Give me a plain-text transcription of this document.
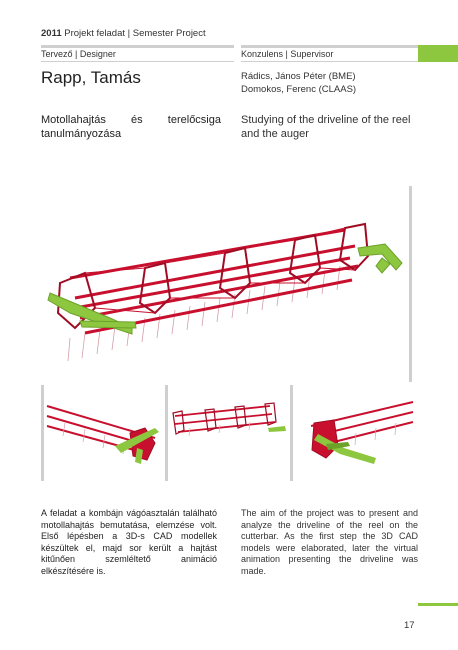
2011 Projekt feladat | Semester Project
Tervező | Designer	Konzulens | Supervisor
Rapp, Tamás	Rádics, János Péter (BME)
Domokos, Ferenc (CLAAS)
Motollahajtás és terelőcsiga
tanulmányozása
Studying of the driveline of the reel and the auger
A feladat a kombájn vágóasztalán található motollahajtás bemutatása, elemzése volt. Első lépésben a 3D-s CAD modellek készültek el, majd sor került a hajtást kitűnően szemléltető animáció elkészítésére is.
The aim of the project was to present and analyze the driveline of the reel on the cutterbar. As the first step the 3D CAD models were elaborated, later the virtual animation presenting the driveline was made.
17
